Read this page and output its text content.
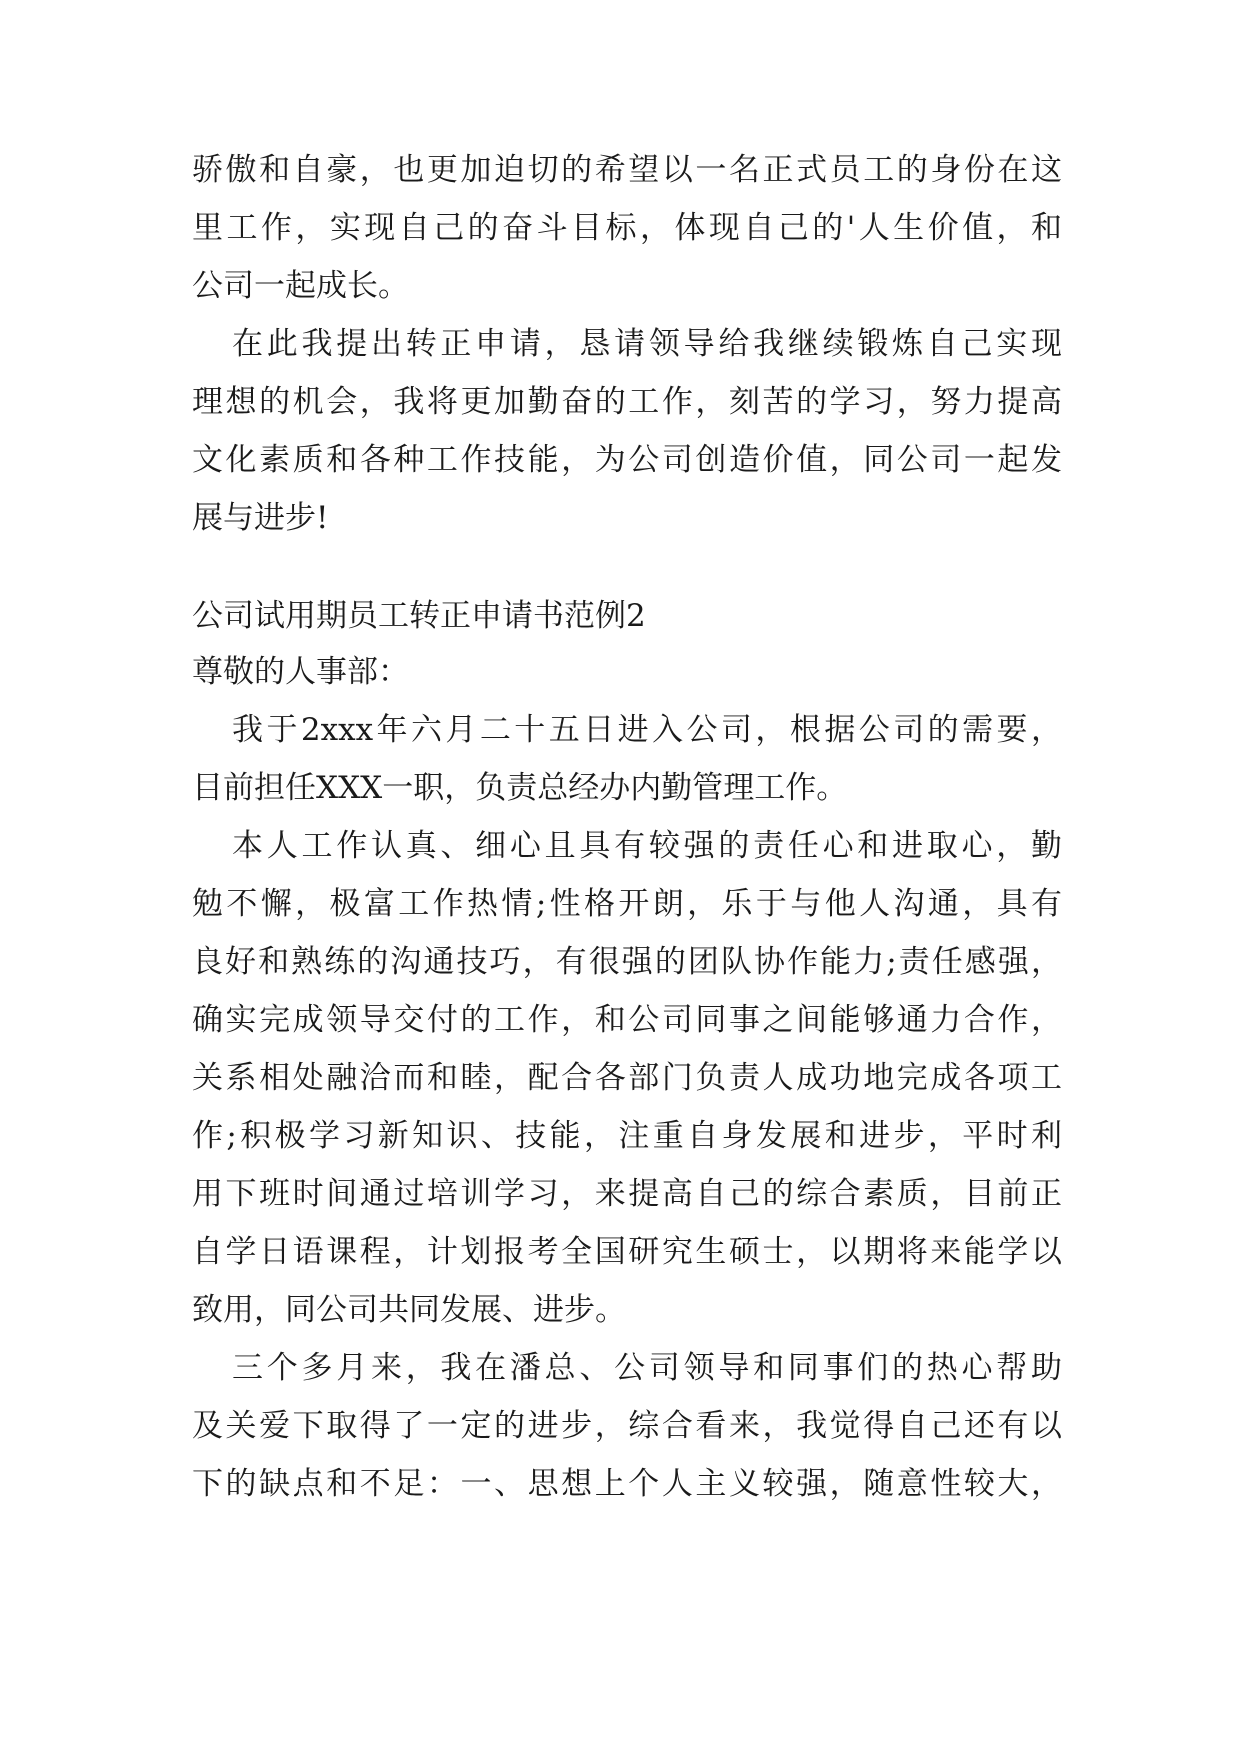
骄傲和自豪，也更加迫切的希望以一名正式员工的身份在这
里工作，实现自己的奋斗目标，体现自己的'人生价值，和
公司一起成长。
在此我提出转正申请，恳请领导给我继续锻炼自己实现
理想的机会，我将更加勤奋的工作，刻苦的学习，努力提高
文化素质和各种工作技能，为公司创造价值，同公司一起发
展与进步!
公司试用期员工转正申请书范例2
尊敬的人事部：
我于2xxx年六月二十五日进入公司，根据公司的需要，
目前担任XXX一职，负责总经办内勤管理工作。
本人工作认真、细心且具有较强的责任心和进取心，勤
勉不懈，极富工作热情;性格开朗，乐于与他人沟通，具有
良好和熟练的沟通技巧，有很强的团队协作能力;责任感强，
确实完成领导交付的工作，和公司同事之间能够通力合作，
关系相处融洽而和睦，配合各部门负责人成功地完成各项工
作;积极学习新知识、技能，注重自身发展和进步，平时利
用下班时间通过培训学习，来提高自己的综合素质，目前正
自学日语课程，计划报考全国研究生硕士，以期将来能学以
致用，同公司共同发展、进步。
三个多月来，我在潘总、公司领导和同事们的热心帮助
及关爱下取得了一定的进步，综合看来，我觉得自己还有以
下的缺点和不足：一、思想上个人主义较强，随意性较大，
